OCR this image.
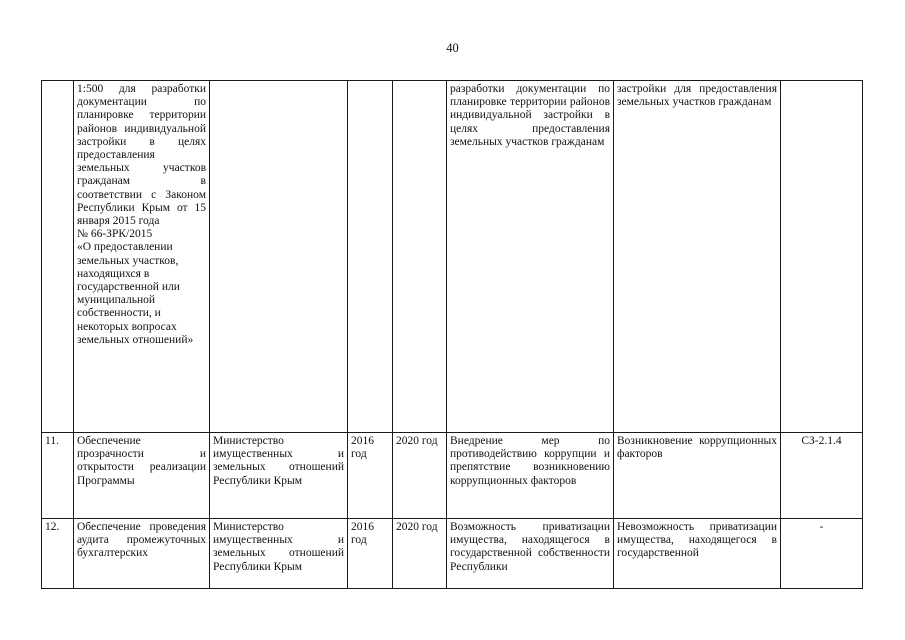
40

	1:500 для разработки документации по планировке территории районов индивидуальной застройки в целях предоставления земельных участков гражданам в соответствии с Законом Республики Крым от 15 января 2015 года
№ 66-ЗРК/2015
«О предоставлении земельных участков, находящихся в государственной или муниципальной собственности, и некоторых вопросах земельных отношений»				разработки документации по планировке территории районов индивидуальной застройки в целях предоставления земельных участков гражданам	застройки для предоставления земельных участков гражданам	
11.	Обеспечение прозрачности и открытости реализации Программы	Министерство имущественных и земельных отношений Республики Крым	2016 год	2020 год	Внедрение мер по противодействию коррупции и препятствие возникновению коррупционных факторов	Возникновение коррупционных факторов	СЗ-2.1.4
12.	Обеспечение проведения аудита промежуточных бухгалтерских	Министерство имущественных и земельных отношений Республики Крым	2016 год	2020 год	Возможность приватизации имущества, находящегося в государственной собственности Республики	Невозможность приватизации имущества, находящегося в государственной	-
